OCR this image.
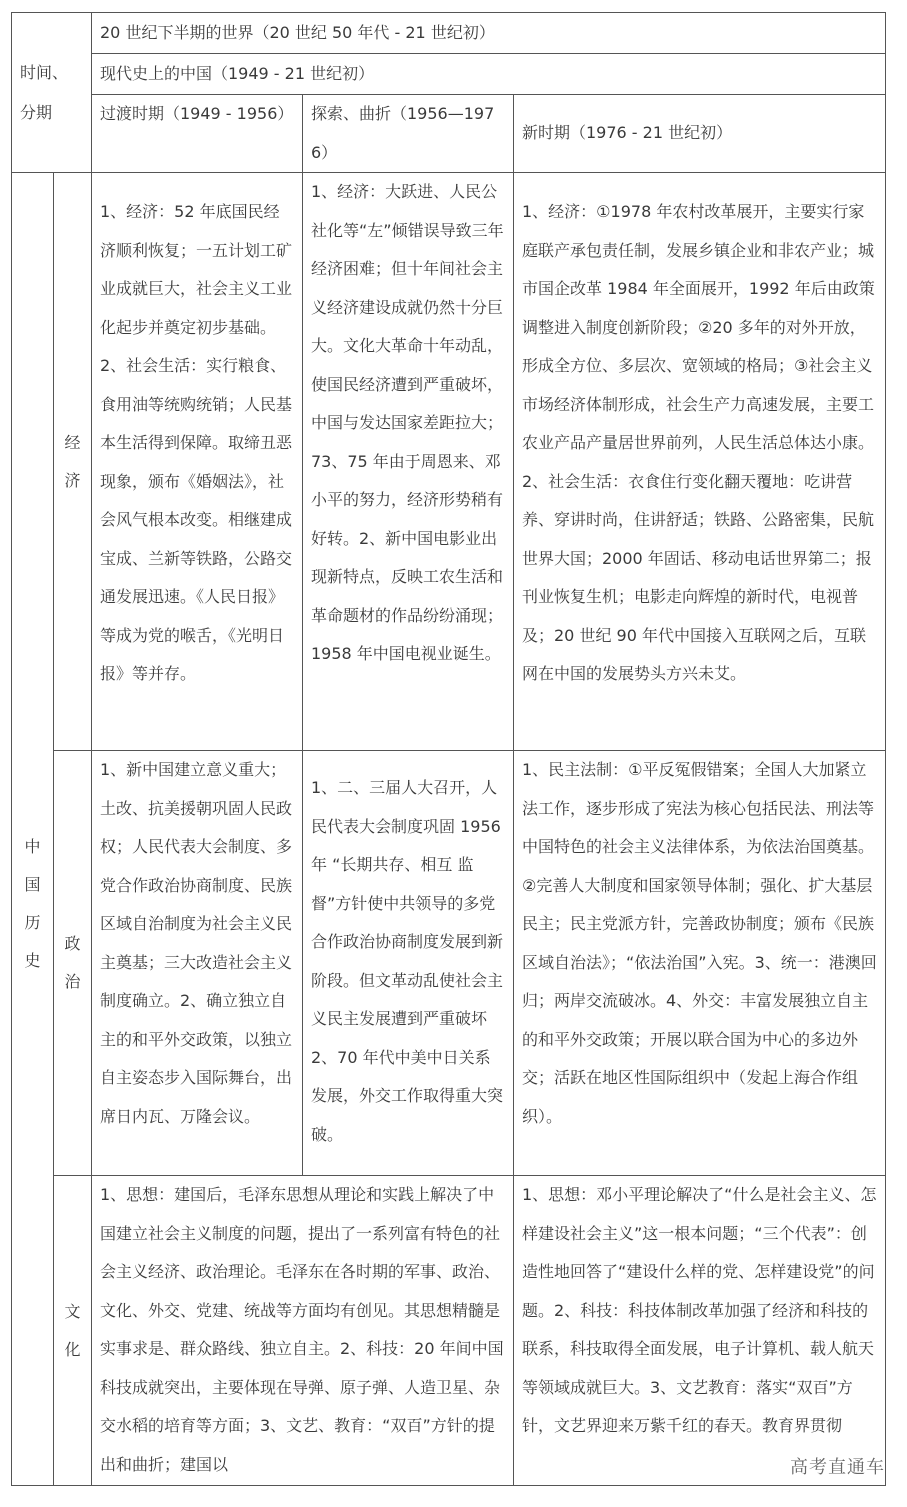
时间、分期		20 世纪下半期的世界（20 世纪 50 年代 - 21 世纪初）		
		现代史上的中国（1949 - 21 世纪初）		
		过渡时期（1949 - 1956）	探索、曲折（1956—1976）	新时期（1976 - 21 世纪初）

中国历史	经济	1、经济：52 年底国民经济顺利恢复；一五计划工矿业成就巨大，社会主义工业化起步并奠定初步基础。2、社会生活：实行粮食、食用油等统购统销；人民基本生活得到保障。取缔丑恶现象，颁布《婚姻法》，社会风气根本改变。相继建成宝成、兰新等铁路，公路交通发展迅速。《人民日报》等成为党的喉舌，《光明日报》等并存。	1、经济：大跃进、人民公社化等“左”倾错误导致三年经济困难；但十年间社会主义经济建设成就仍然十分巨大。文化大革命十年动乱，使国民经济遭到严重破坏，中国与发达国家差距拉大；73、75 年由于周恩来、邓小平的努力，经济形势稍有好转。2、新中国电影业出现新特点，反映工农生活和革命题材的作品纷纷涌现；1958 年中国电视业诞生。	1、经济：①1978 年农村改革展开，主要实行家庭联产承包责任制，发展乡镇企业和非农产业；城市国企改革 1984 年全面展开，1992 年后由政策调整进入制度创新阶段；②20 多年的对外开放，形成全方位、多层次、宽领域的格局；③社会主义市场经济体制形成，社会生产力高速发展，主要工农业产品产量居世界前列，人民生活总体达小康。2、社会生活：衣食住行变化翻天覆地：吃讲营养、穿讲时尚，住讲舒适；铁路、公路密集，民航世界大国；2000 年固话、移动电话世界第二；报刊业恢复生机；电影走向辉煌的新时代，电视普及；20 世纪 90 年代中国接入互联网之后，互联网在中国的发展势头方兴未艾。

	政治	1、新中国建立意义重大；土改、抗美援朝巩固人民政权；人民代表大会制度、多党合作政治协商制度、民族区域自治制度为社会主义民主奠基；三大改造社会主义制度确立。2、确立独立自主的和平外交政策，以独立自主姿态步入国际舞台，出席日内瓦、万隆会议。	1、二、三届人大召开，人民代表大会制度巩固 1956 年 “长期共存、相互 监督”方针使中共领导的多党合作政治协商制度发展到新阶段。但文革动乱使社会主义民主发展遭到严重破坏 2、70 年代中美中日关系发展，外交工作取得重大突破。	1、民主法制：①平反冤假错案；全国人大加紧立法工作，逐步形成了宪法为核心包括民法、刑法等中国特色的社会主义法律体系，为依法治国奠基。②完善人大制度和国家领导体制；强化、扩大基层民主；民主党派方针，完善政协制度；颁布《民族区域自治法》；“依法治国”入宪。3、统一：港澳回归；两岸交流破冰。4、外交：丰富发展独立自主的和平外交政策；开展以联合国为中心的多边外交；活跃在地区性国际组织中（发起上海合作组织）。

	文化	1、思想：建国后，毛泽东思想从理论和实践上解决了中国建立社会主义制度的问题，提出了一系列富有特色的社会主义经济、政治理论。毛泽东在各时期的军事、政治、文化、外交、党建、统战等方面均有创见。其思想精髓是实事求是、群众路线、独立自主。2、科技：20 年间中国科技成就突出，主要体现在导弹、原子弹、人造卫星、杂交水稻的培育等方面；3、文艺、教育：“双百”方针的提出和曲折；建国以		1、思想：邓小平理论解决了“什么是社会主义、怎样建设社会主义”这一根本问题；“三个代表”：创造性地回答了“建设什么样的党、怎样建设党”的问题。2、科技：科技体制改革加强了经济和科技的联系，科技取得全面发展，电子计算机、载人航天等领域成就巨大。3、文艺教育：落实“双百”方针，文艺界迎来万紫千红的春天。教育界贯彻
高考直通车
